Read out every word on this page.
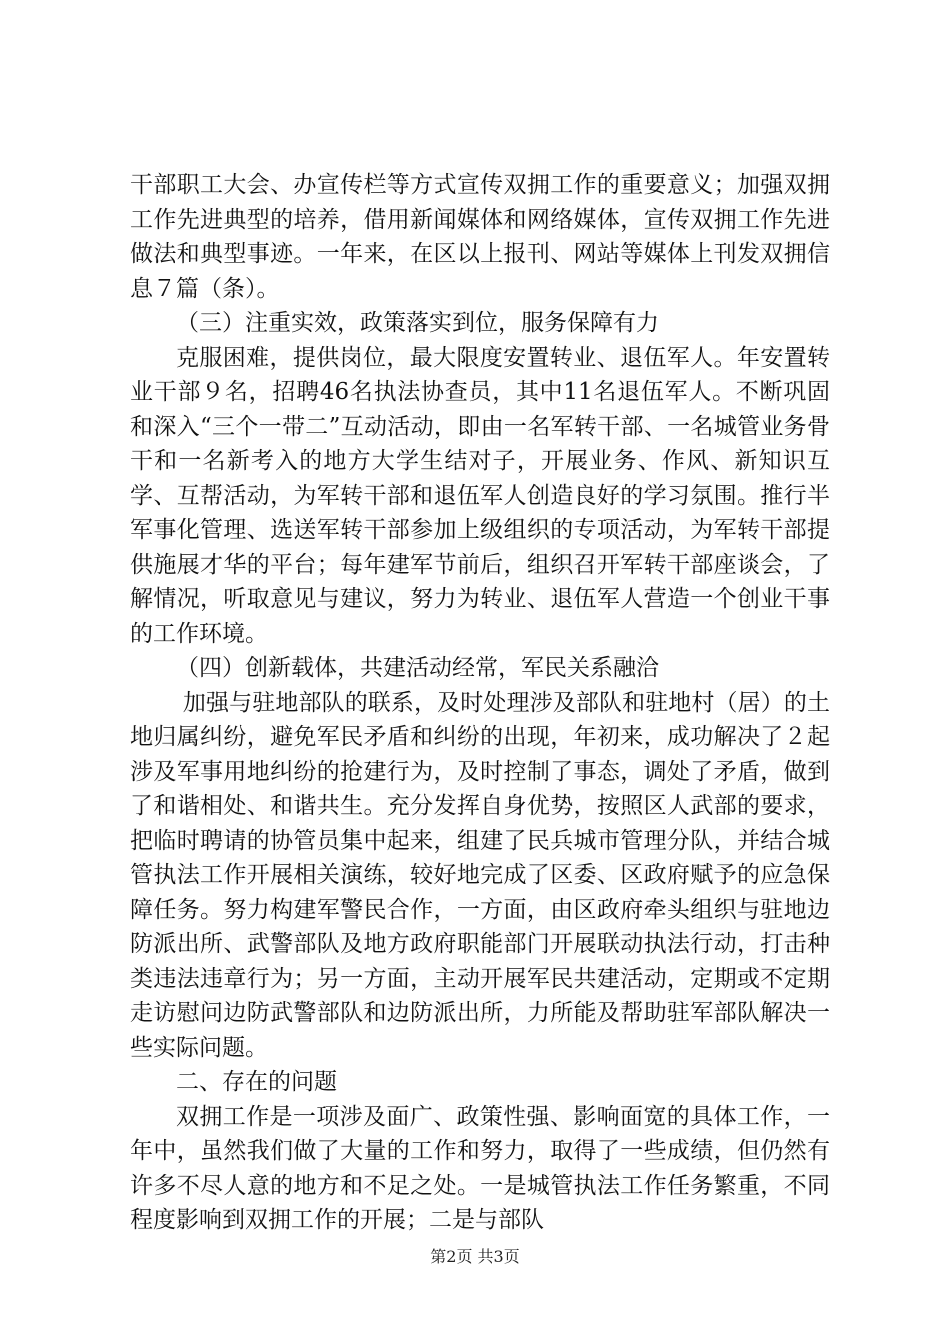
干部职工大会、办宣传栏等方式宣传双拥工作的重要意义；加强双拥工作先进典型的培养，借用新闻媒体和网络媒体，宣传双拥工作先进做法和典型事迹。一年来，在区以上报刊、网站等媒体上刊发双拥信息７篇（条）。

（三）注重实效，政策落实到位，服务保障有力

克服困难，提供岗位，最大限度安置转业、退伍军人。年安置转业干部９名，招聘46名执法协查员，其中11名退伍军人。不断巩固和深入“三个一带二”互动活动，即由一名军转干部、一名城管业务骨干和一名新考入的地方大学生结对子，开展业务、作风、新知识互学、互帮活动，为军转干部和退伍军人创造良好的学习氛围。推行半军事化管理、选送军转干部参加上级组织的专项活动，为军转干部提供施展才华的平台；每年建军节前后，组织召开军转干部座谈会，了解情况，听取意见与建议，努力为转业、退伍军人营造一个创业干事的工作环境。

（四）创新载体，共建活动经常，军民关系融洽

加强与驻地部队的联系，及时处理涉及部队和驻地村（居）的土地归属纠纷，避免军民矛盾和纠纷的出现，年初来，成功解决了２起涉及军事用地纠纷的抢建行为，及时控制了事态，调处了矛盾，做到了和谐相处、和谐共生。充分发挥自身优势，按照区人武部的要求，把临时聘请的协管员集中起来，组建了民兵城市管理分队，并结合城管执法工作开展相关演练，较好地完成了区委、区政府赋予的应急保障任务。努力构建军警民合作，一方面，由区政府牵头组织与驻地边防派出所、武警部队及地方政府职能部门开展联动执法行动，打击种类违法违章行为；另一方面，主动开展军民共建活动，定期或不定期走访慰问边防武警部队和边防派出所，力所能及帮助驻军部队解决一些实际问题。

二、存在的问题

双拥工作是一项涉及面广、政策性强、影响面宽的具体工作，一年中，虽然我们做了大量的工作和努力，取得了一些成绩，但仍然有许多不尽人意的地方和不足之处。一是城管执法工作任务繁重，不同程度影响到双拥工作的开展；二是与部队

第2页 共3页
